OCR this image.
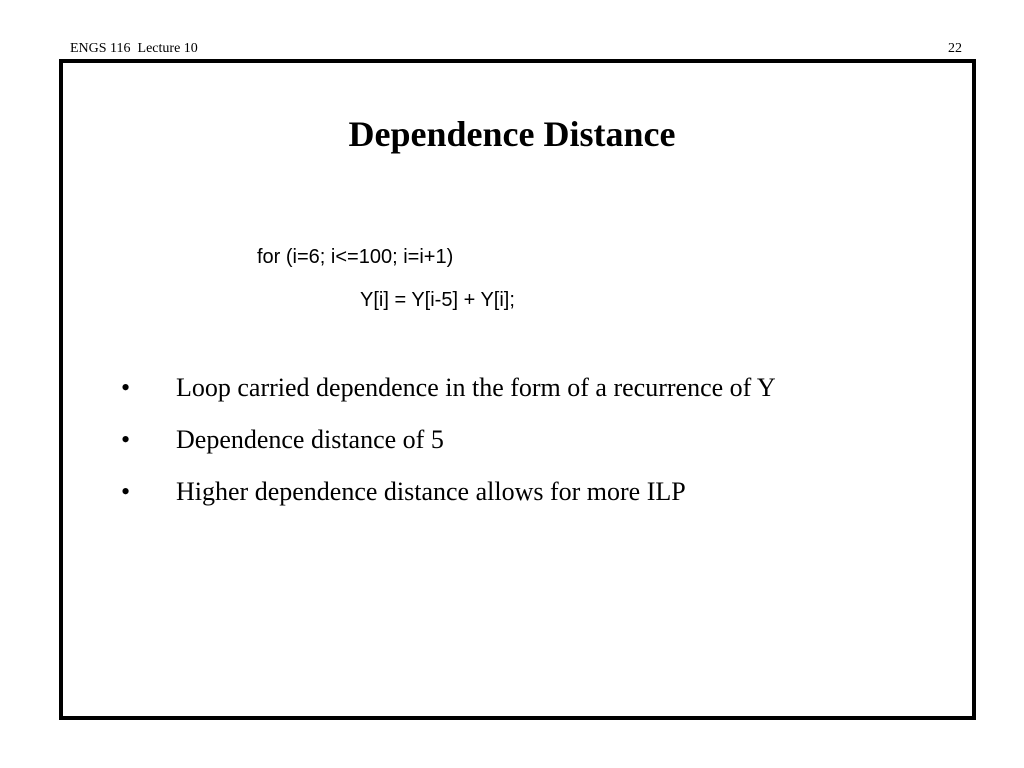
ENGS 116  Lecture 10	22
Dependence Distance
for (i=6; i<=100; i=i+1)
Y[i] = Y[i-5] + Y[i];
• Loop carried dependence in the form of a recurrence of Y
• Dependence distance of 5
• Higher dependence distance allows for more ILP
